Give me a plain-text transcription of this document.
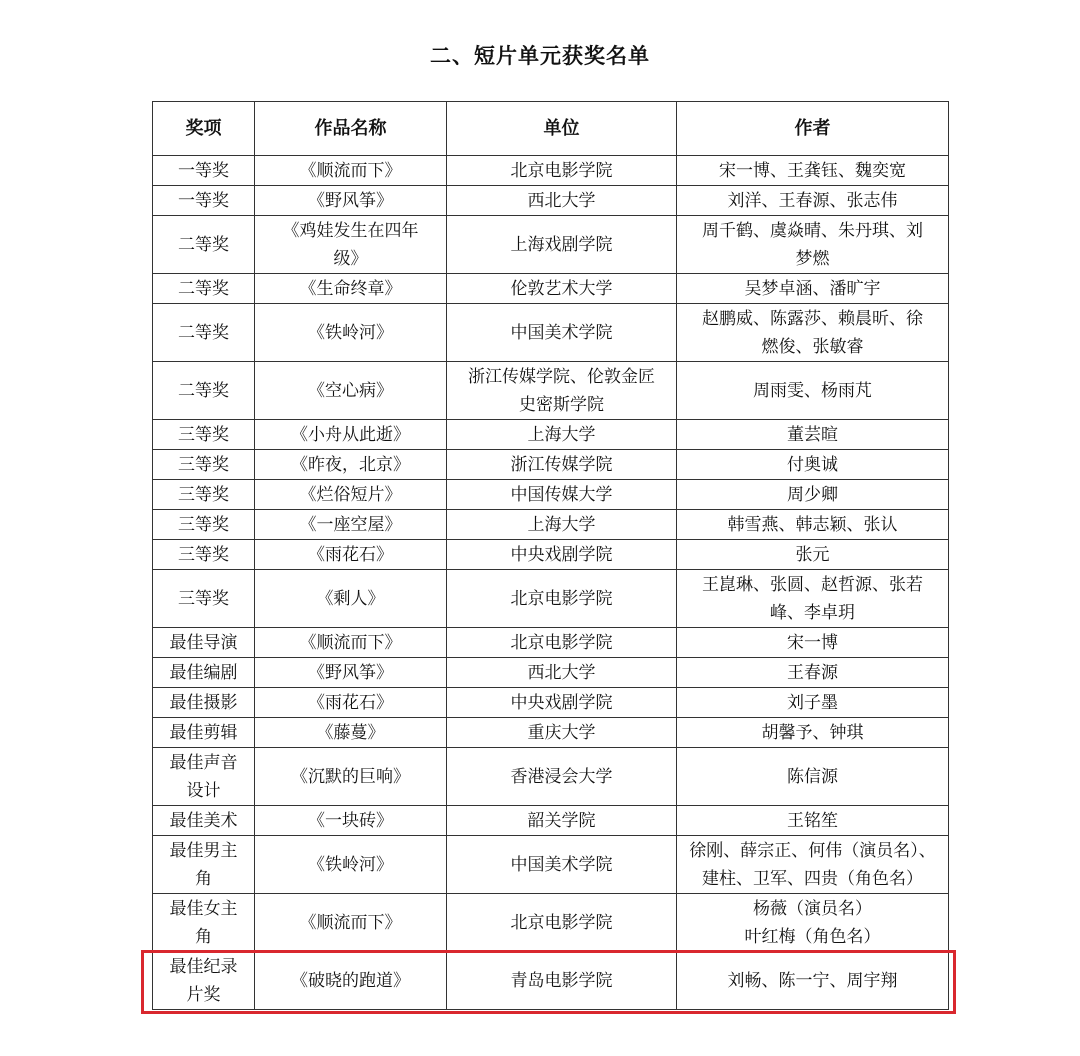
二、短片单元获奖名单
奖项	作品名称	单位	作者

一等奖	《顺流而下》	北京电影学院	宋一博、王龚钰、魏奕宽

一等奖	《野风筝》	西北大学	刘洋、王春源、张志伟

二等奖	《鸡娃发生在四年
级》	上海戏剧学院	周千鹤、虞焱晴、朱丹琪、刘
梦燃

二等奖	《生命终章》	伦敦艺术大学	吴梦卓涵、潘旷宇

二等奖	《铁岭河》	中国美术学院	赵鹏威、陈露莎、赖晨昕、徐
燃俊、张敏睿

二等奖	《空心病》	浙江传媒学院、伦敦金匠
史密斯学院	周雨雯、杨雨芃

三等奖	《小舟从此逝》	上海大学	董芸暄

三等奖	《昨夜，北京》	浙江传媒学院	付奥诚

三等奖	《烂俗短片》	中国传媒大学	周少卿

三等奖	《一座空屋》	上海大学	韩雪燕、韩志颖、张认

三等奖	《雨花石》	中央戏剧学院	张元

三等奖	《剩人》	北京电影学院	王崑琳、张圆、赵哲源、张若
峰、李卓玥

最佳导演	《顺流而下》	北京电影学院	宋一博

最佳编剧	《野风筝》	西北大学	王春源

最佳摄影	《雨花石》	中央戏剧学院	刘子墨

最佳剪辑	《藤蔓》	重庆大学	胡馨予、钟琪

最佳声音
设计	《沉默的巨响》	香港浸会大学	陈信源

最佳美术	《一块砖》	韶关学院	王铭笙

最佳男主
角	《铁岭河》	中国美术学院	徐刚、薛宗正、何伟（演员名）、
建柱、卫军、四贵（角色名）

最佳女主
角	《顺流而下》	北京电影学院	杨薇（演员名）
叶红梅（角色名）

最佳纪录
片奖	《破晓的跑道》	青岛电影学院	刘畅、陈一宁、周宇翔
